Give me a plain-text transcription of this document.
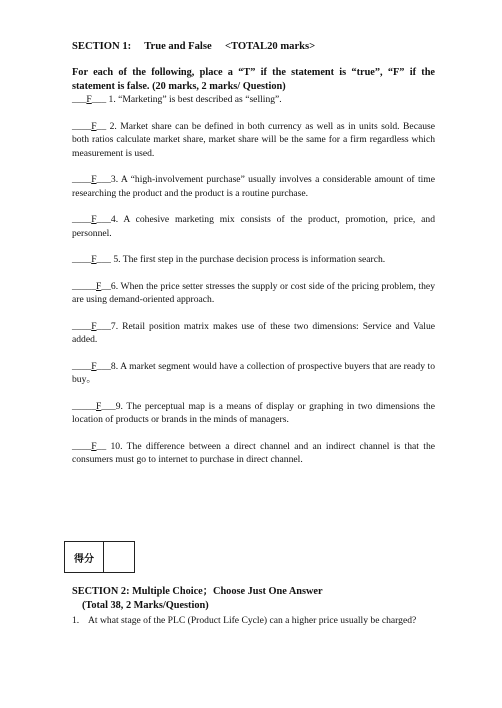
SECTION 1:     True and False     <TOTAL20 marks>

For each of the following, place a “T” if the statement is “true”, “F” if the statement is false. (20 marks, 2 marks/ Question)

___F___ 1. “Marketing” is best described as “selling”.

____F__ 2. Market share can be defined in both currency as well as in units sold. Because both ratios calculate market share, market share will be the same for a firm regardless which measurement is used.

____F___3. A “high-involvement purchase” usually involves a considerable amount of time researching the product and the product is a routine purchase.

____F___4. A cohesive marketing mix consists of the product, promotion, price, and personnel.

____F___ 5. The first step in the purchase decision process is information search.

_____F__6. When the price setter stresses the supply or cost side of the pricing problem, they are using demand-oriented approach.

____F___7. Retail position matrix makes use of these two dimensions: Service and Value added.

____F___8. A market segment would have a collection of prospective buyers that are ready to buy。

_____F___9. The perceptual map is a means of display or graphing in two dimensions the location of products or brands in the minds of managers.

____F__ 10. The difference between a direct channel and an indirect channel is that the consumers must go to internet to purchase in direct channel.

得分	

SECTION 2: Multiple Choice；Choose Just One Answer

(Total 38, 2 Marks/Question)

1. At what stage of the PLC (Product Life Cycle) can a higher price usually be charged?
